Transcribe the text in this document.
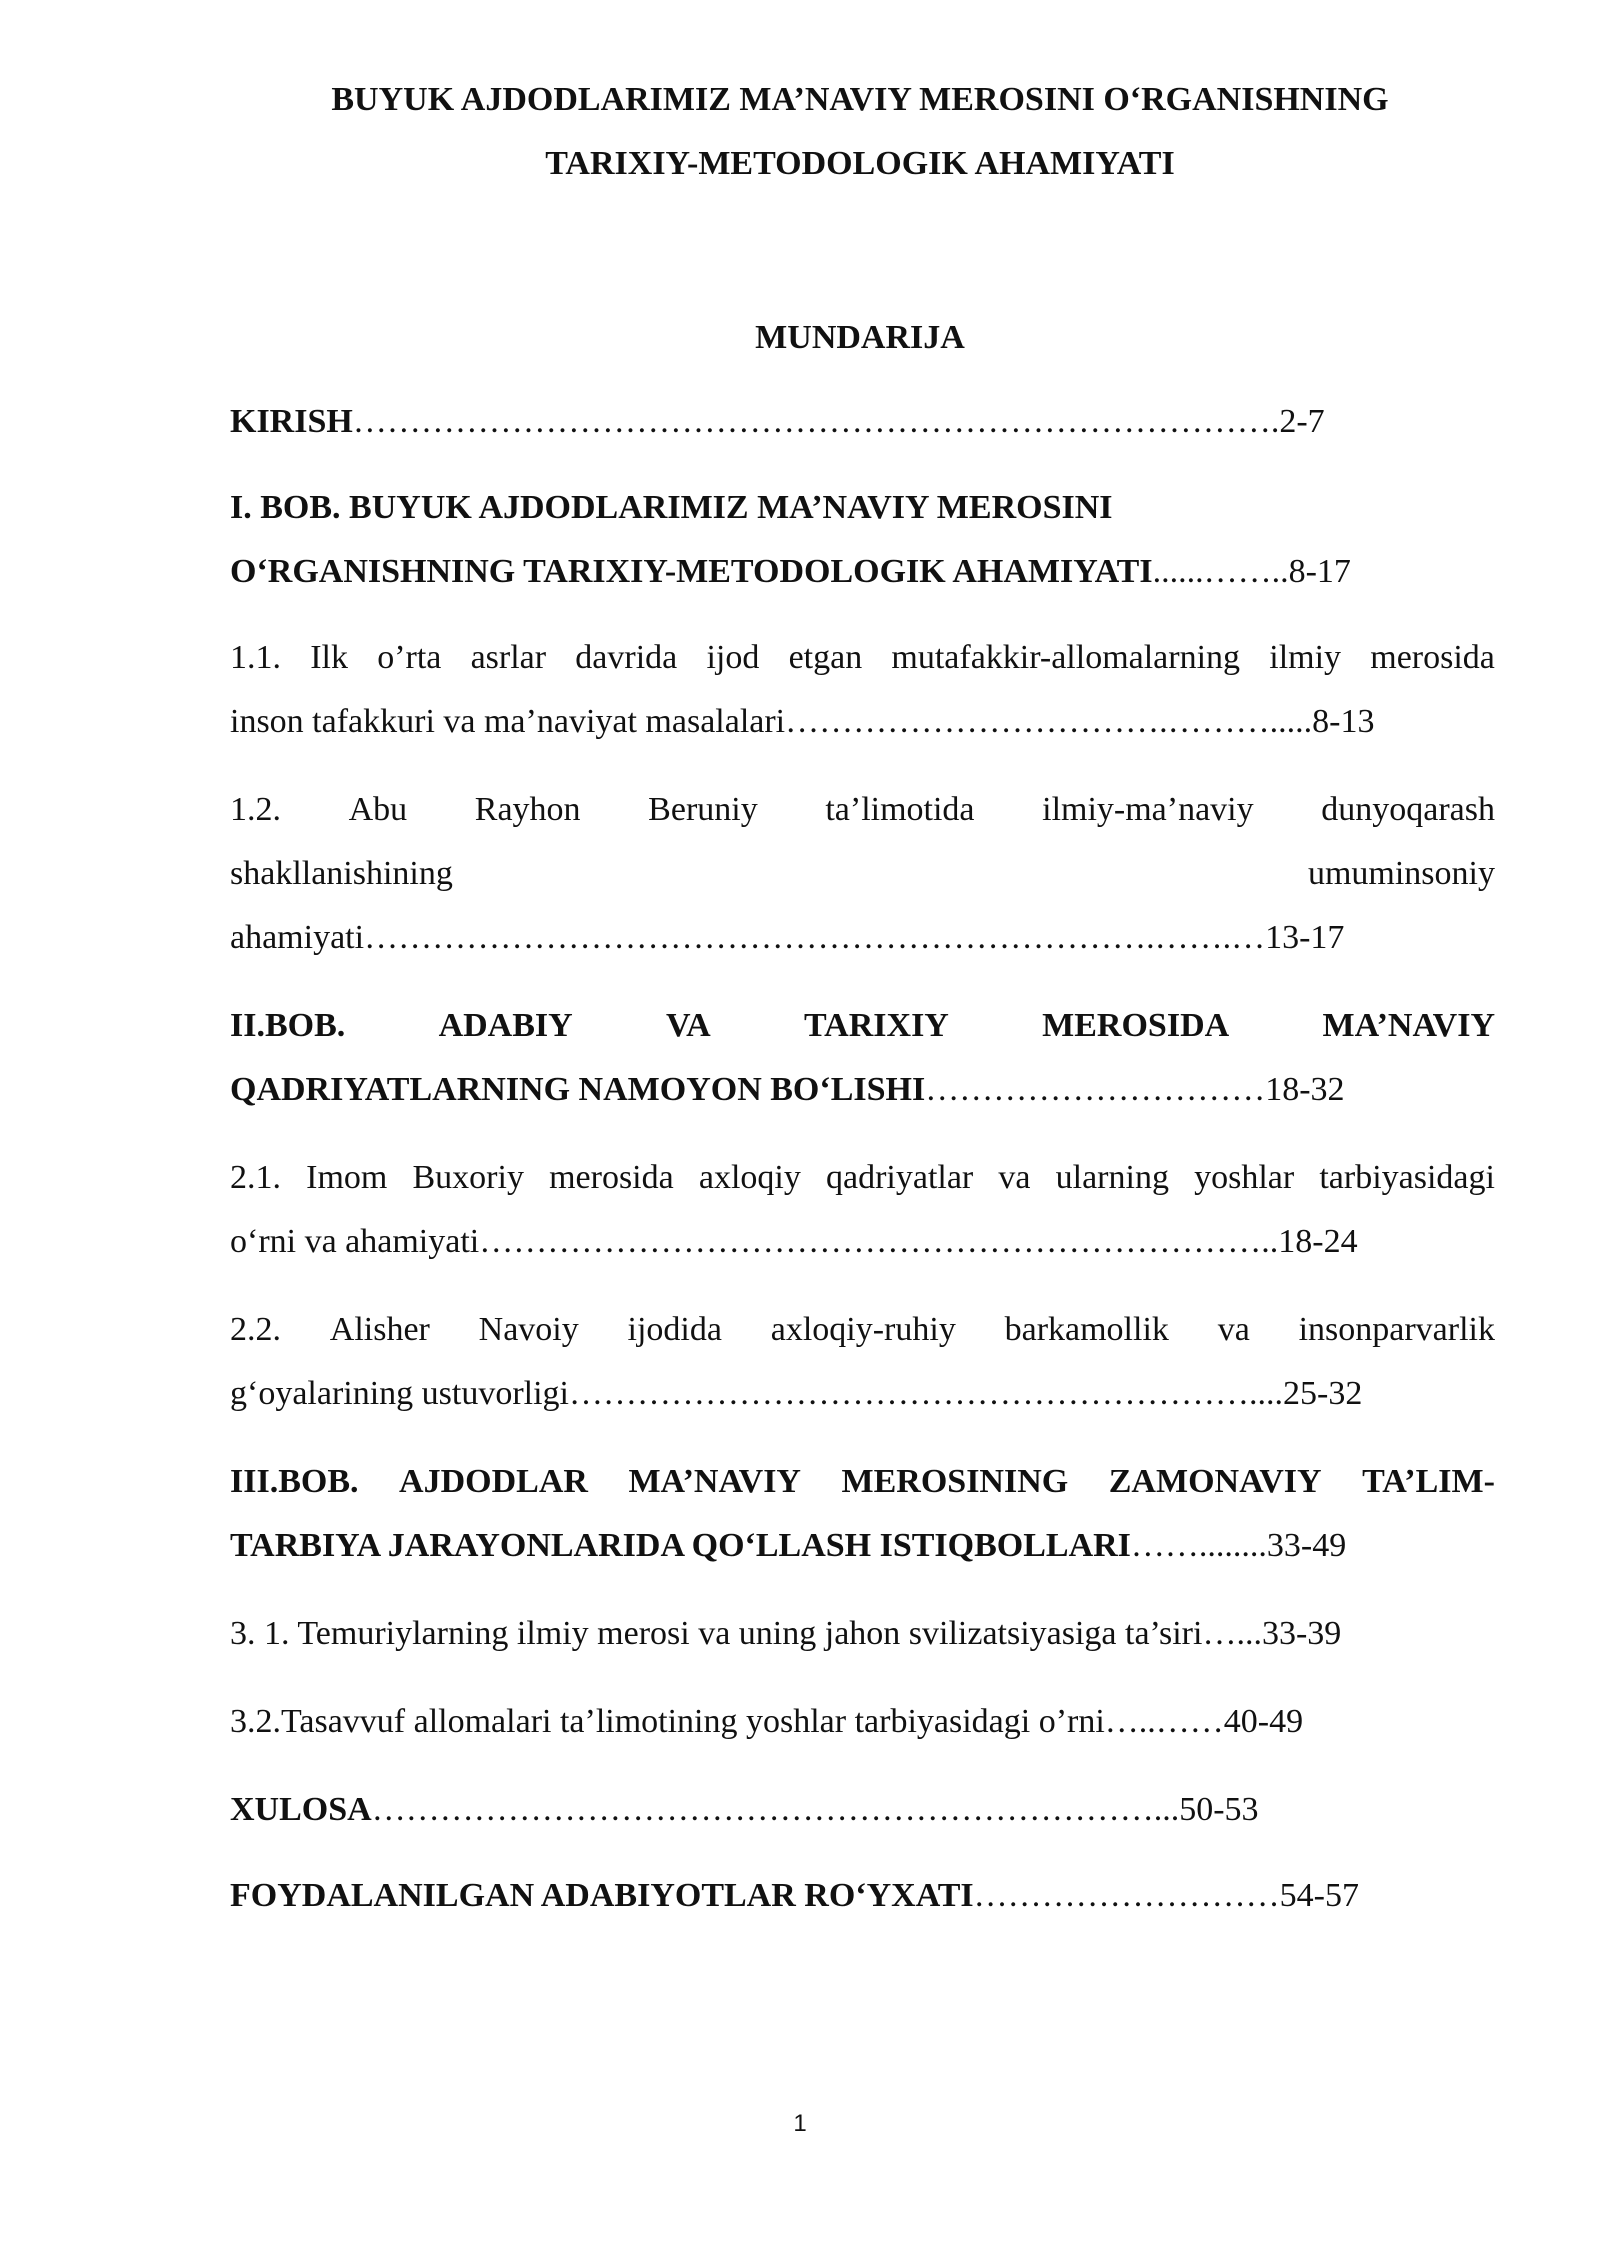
BUYUK AJDODLARIMIZ MA’NAVIY MEROSINI O‘RGANISHNING
TARIXIY-METODOLOGIK AHAMIYATI
MUNDARIJA
KIRISH……………………………………………………………………….2-7
I. BOB. BUYUK AJDODLARIMIZ MA’NAVIY MEROSINI
O‘RGANISHNING TARIXIY-METODOLOGIK AHAMIYATI......……..8-17
1.1. Ilk o’rta asrlar davrida ijod etgan mutafakkir-allomalarning ilmiy merosida
inson tafakkuri va ma’naviyat masalalari…………………………….……….....8-13
1.2. Abu Rayhon Beruniy ta’limotida ilmiy-ma’naviy dunyoqarash
shakllanishining	umuminsoniy
ahamiyati…………………………………………………………….…….…13-17
II.BOB.	ADABIY	VA	TARIXIY	MEROSIDA	MA’NAVIY
QADRIYATLARNING NAMOYON BO‘LISHI…………………………18-32
2.1. Imom Buxoriy merosida axloqiy qadriyatlar va ularning yoshlar tarbiyasidagi
o‘rni va ahamiyati……………………………………………………………..18-24
2.2. Alisher Navoiy ijodida axloqiy-ruhiy barkamollik va insonparvarlik
g‘oyalarining ustuvorligi……………………………………………………....25-32
III.BOB. AJDODLAR MA’NAVIY MEROSINING ZAMONAVIY TA’LIM-
TARBIYA JARAYONLARIDA QO‘LLASH ISTIQBOLLARI……........33-49
3. 1. Temuriylarning ilmiy merosi va uning jahon svilizatsiyasiga ta’siri…...33-39
3.2.Tasavvuf allomalari ta’limotining yoshlar tarbiyasidagi o’rni…..……40-49
XULOSA……………………………………………………………...50-53
FOYDALANILGAN ADABIYOTLAR RO‘YXATI………………………54-57
1
